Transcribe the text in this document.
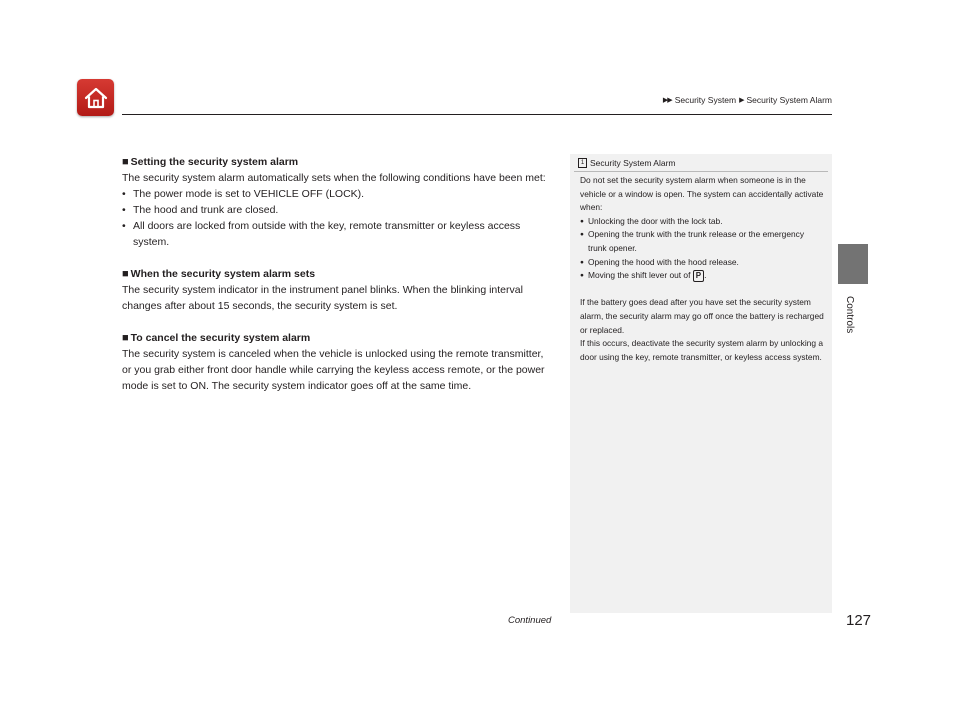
▶▶ Security System ▶ Security System Alarm
Controls
■ Setting the security system alarm

The security system alarm automatically sets when the following conditions have been met:

• The power mode is set to VEHICLE OFF (LOCK).
• The hood and trunk are closed.
• All doors are locked from outside with the key, remote transmitter or keyless access system.
■ When the security system alarm sets

The security system indicator in the instrument panel blinks. When the blinking interval changes after about 15 seconds, the security system is set.

■ To cancel the security system alarm

The security system is canceled when the vehicle is unlocked using the remote transmitter, or you grab either front door handle while carrying the keyless access remote, or the power mode is set to ON. The security system indicator goes off at the same time.

1 Security System Alarm

Do not set the security system alarm when someone is in the vehicle or a window is open. The system can accidentally activate when:

● Unlocking the door with the lock tab.
● Opening the trunk with the trunk release or the emergency trunk opener.
● Opening the hood with the hood release.
● Moving the shift lever out of P .

If the battery goes dead after you have set the security system alarm, the security alarm may go off once the battery is recharged or replaced.

If this occurs, deactivate the security system alarm by unlocking a door using the key, remote transmitter, or keyless access system.

Continued	127
